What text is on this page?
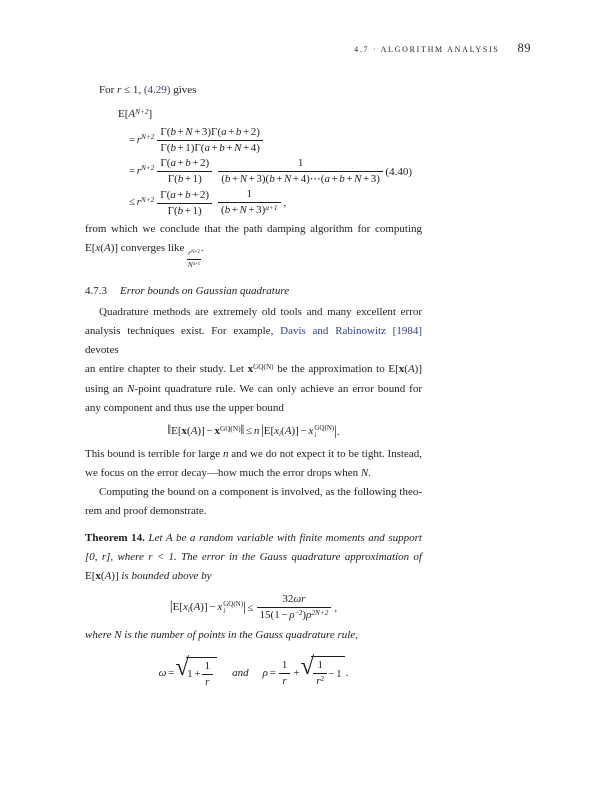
4.7 · ALGORITHM ANALYSIS 89
For r ≤ 1, (4.29) gives
$E[A^{N+2}]$
= $r^{N+2} \frac{\Gamma(b + N + 3)\Gamma(a + b + 2)}{\Gamma(b + 1)\Gamma(a + b + N + 4)}$
= $r^{N+2} \frac{\Gamma(a + b + 2)}{\Gamma(b + 1)} \frac{1}{(b + N + 3)(b + N + 4)\cdots(a + b + N + 3)}$
≤ $r^{N+2} \frac{\Gamma(a + b + 2)}{\Gamma(b + 1)} \frac{1}{(b + N + 3)^{a+1}}$ ,
(4.40)
from which we conclude that the path damping algorithm for computing
E[x(A)] converges like
$\frac{r^{N+2}}{N^{a+1}}$
.
4.7.3 Error bounds on Gaussian quadrature
Quadrature methods are extremely old tools and many excellent error
analysis techniques exist. For example, Davis and Rabinowitz [1984] devotes
an entire chapter to their study. Let $x^{GQ(N)}$ be the approximation to E[x(A)]
using an N-point quadrature rule. We can only achieve an error bound for
any component and thus use the upper bound
‖E[x(A)] − $x^{GQ(N)}‖ \le n$ |E[xi(A)] − x GQ(N)
i	|.
This bound is terrible for large n and we do not expect it to be tight. Instead,
we focus on the error decay—how much the error drops when N.
Computing the bound on a component is involved, as the following theo-
rem and proof demonstrate.
Theorem 14. Let A be a random variable with finite moments and support
[0, r], where r < 1. The error in the Gauss quadrature approximation of
E[x(A)] is bounded above by
|E[xi(A)] − x GQ(N)
i	| ≤ $\frac{32\omega r}{15(1 - \rho^{-2})\rho^{2N+2}}$ ,
where N is the number of points in the Gauss quadrature rule,
ω = √
$1 + \frac{1}{r}$ and $\rho = \frac{1}{r}$ + √ $\frac{1}{r^2} - 1$ .
